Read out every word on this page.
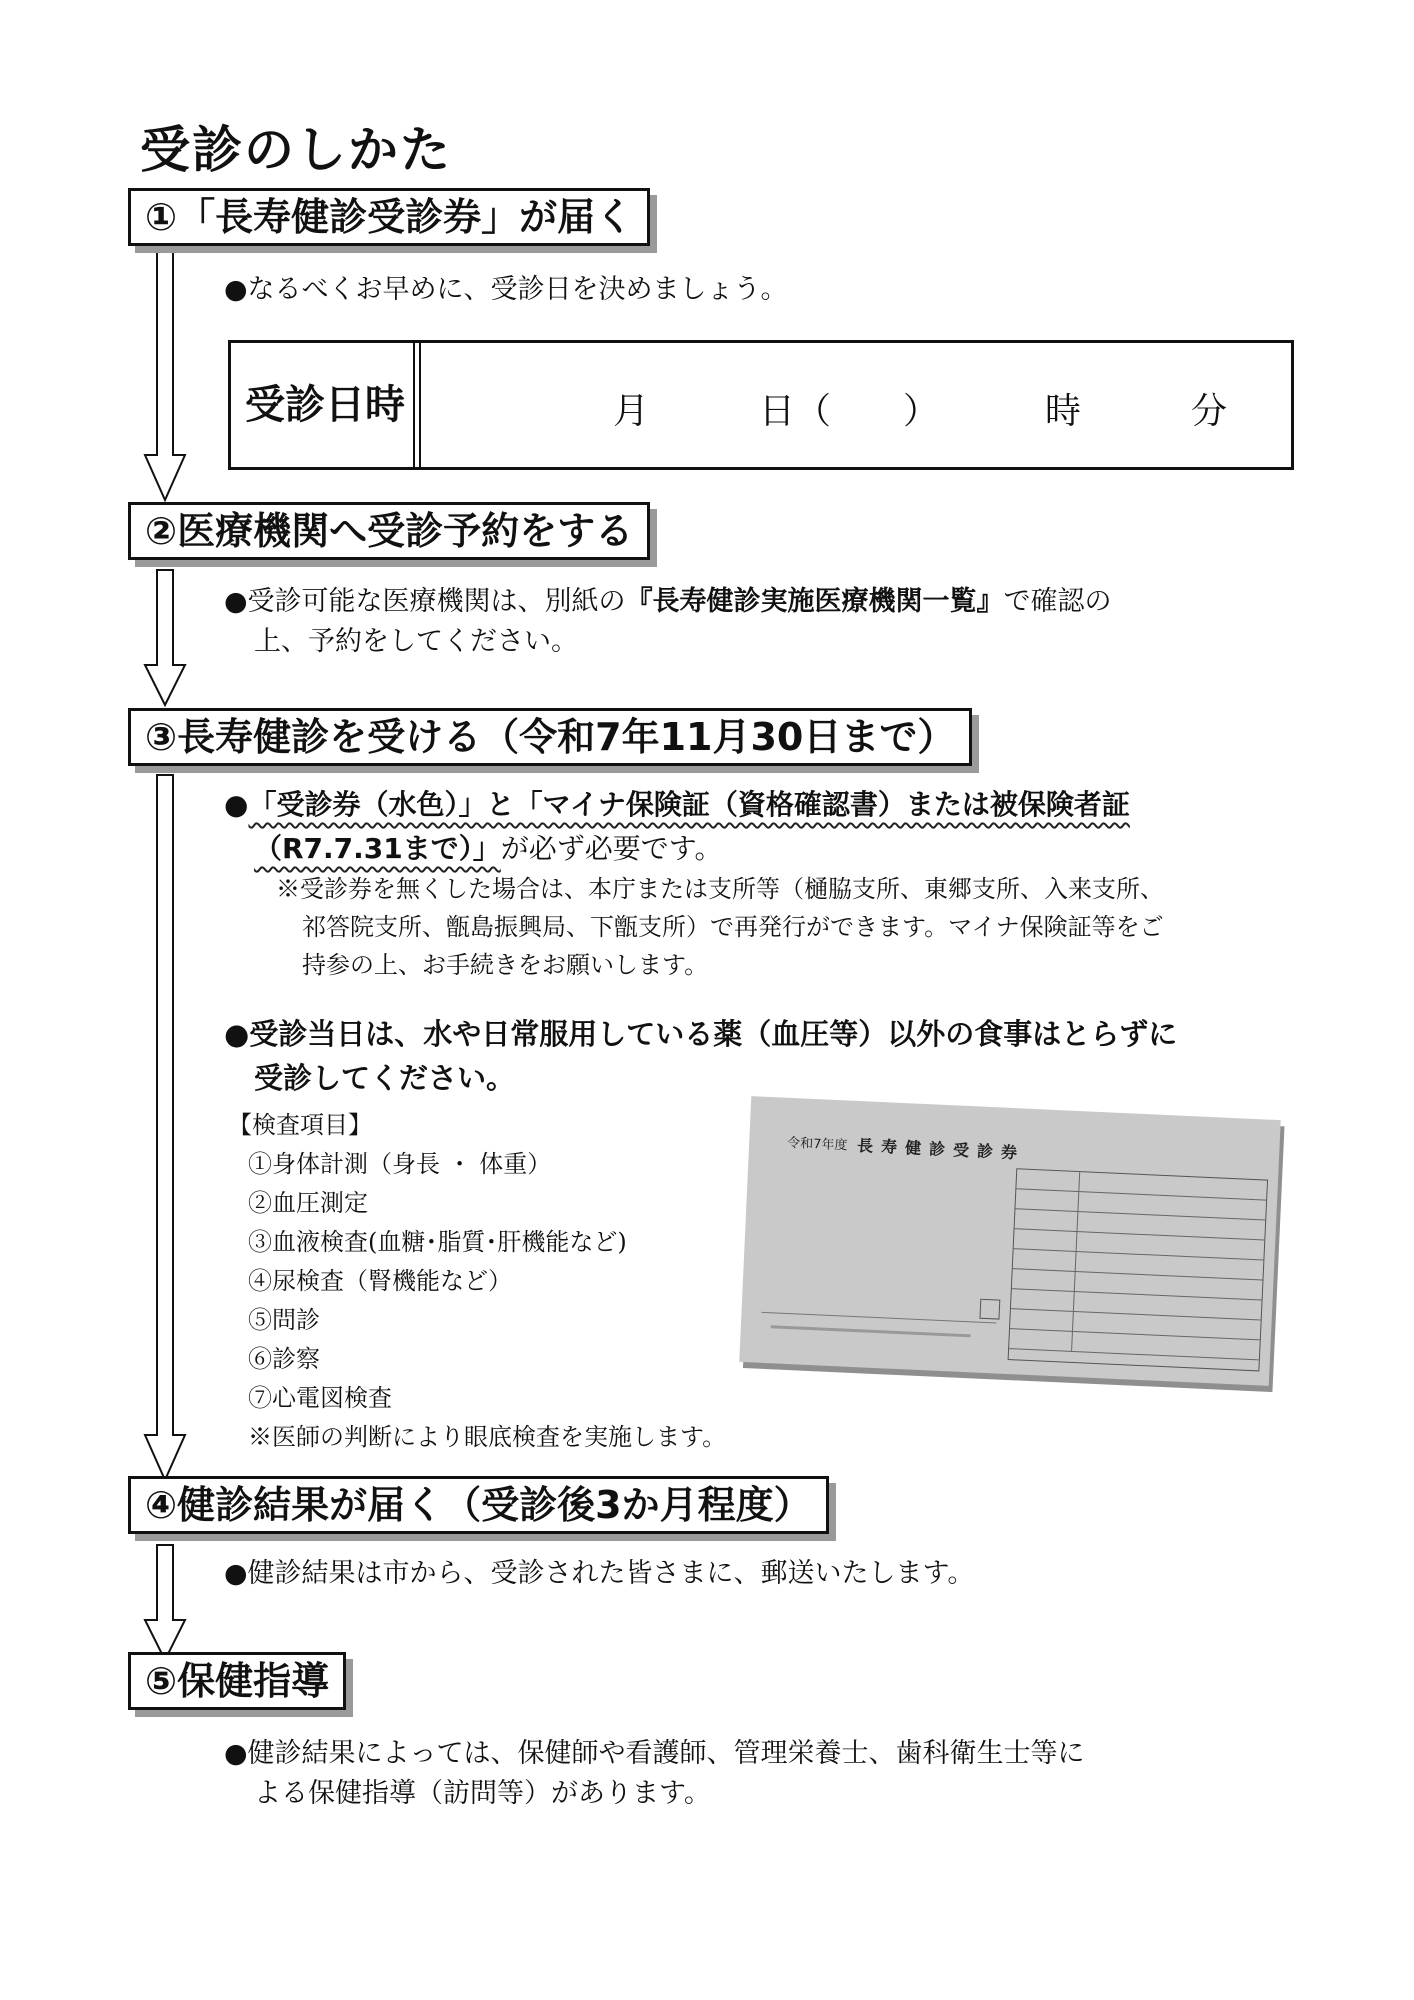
受診のしかた
①「長寿健診受診券」が届く
●なるべくお早めに、受診日を決めましょう。
受診日時	月	日（ ）	時	分
②医療機関へ受診予約をする
●受診可能な医療機関は、別紙の『長寿健診実施医療機関一覧』で確認の
上、予約をしてください。
③長寿健診を受ける（令和7年11月30日まで）
●「受診券（水色）」と「マイナ保険証（資格確認書）または被保険者証
（R7.7.31まで）」が必ず必要です。
※受診券を無くした場合は、本庁または支所等（樋脇支所、東郷支所、入来支所、
祁答院支所、甑島振興局、下甑支所）で再発行ができます。マイナ保険証等をご
持参の上、お手続きをお願いします。
●受診当日は、水や日常服用している薬（血圧等）以外の食事はとらずに
受診してください。
【検査項目】
①身体計測（身長 ・ 体重）
②血圧測定
③血液検査(血糖･脂質･肝機能など)
④尿検査（腎機能など）
⑤問診
⑥診察
⑦心電図検査
※医師の判断により眼底検査を実施します。
令和7年度 長寿健診受診券
④健診結果が届く（受診後3か月程度）
●健診結果は市から、受診された皆さまに、郵送いたします。
⑤保健指導
●健診結果によっては、保健師や看護師、管理栄養士、歯科衛生士等に
よる保健指導（訪問等）があります。
